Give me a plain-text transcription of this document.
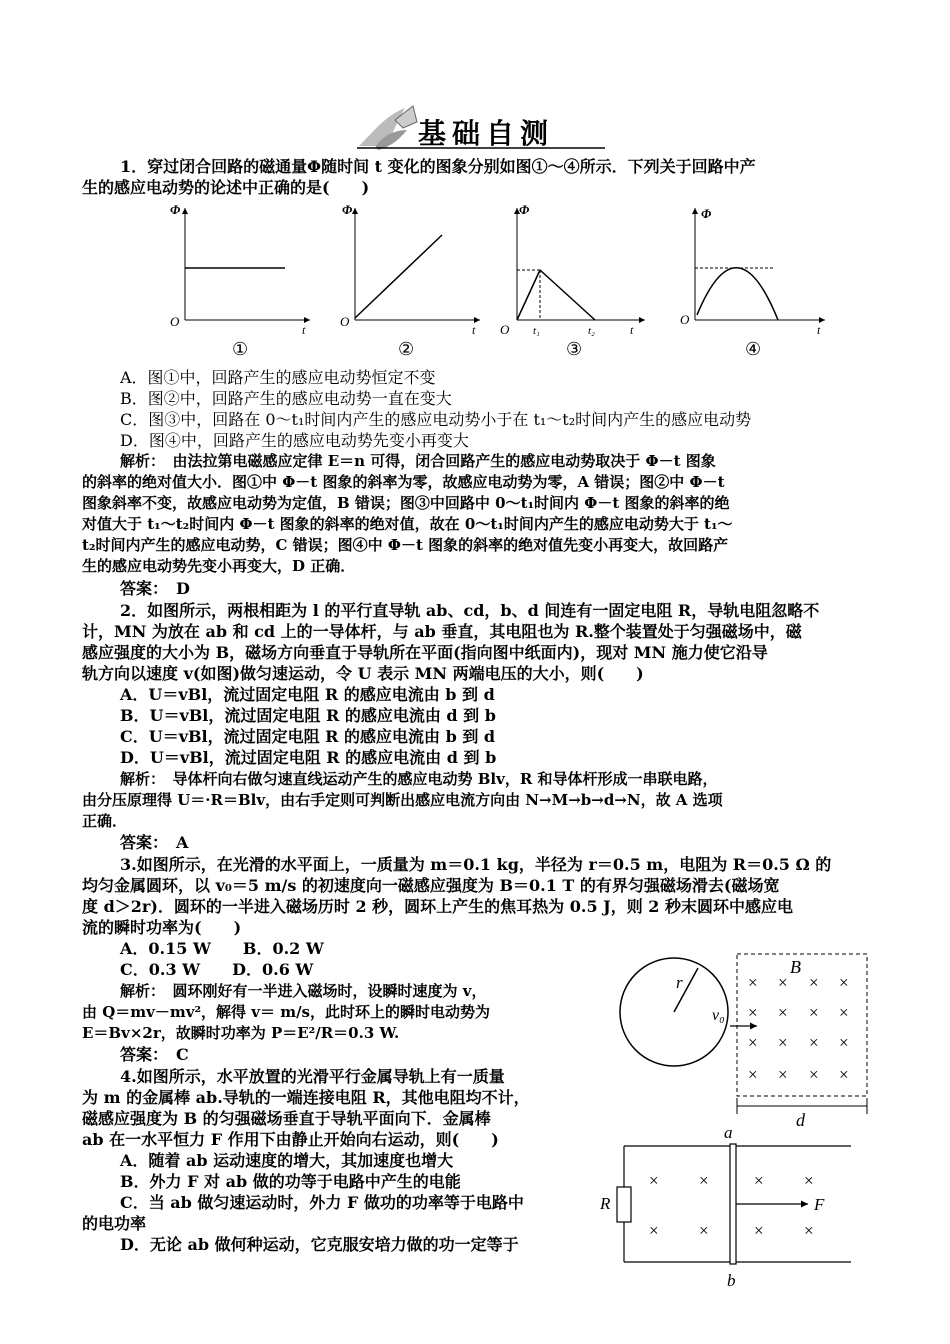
基础自测
1．穿过闭合回路的磁通量Φ随时间 t 变化的图象分别如图①～④所示．下列关于回路中产
生的感应电动势的论述中正确的是(　　)
Φ
O
t
①
Φ
O
t
②
Φ
O t₁	t₂	t
③
Φ
O
t
④
A．图①中，回路产生的感应电动势恒定不变
B．图②中，回路产生的感应电动势一直在变大
C．图③中，回路在 0～t₁时间内产生的感应电动势小于在 t₁～t₂时间内产生的感应电动势
D．图④中，回路产生的感应电动势先变小再变大
解析：　由法拉第电磁感应定律 E＝n 可得，闭合回路产生的感应电动势取决于 Φ－t 图象
的斜率的绝对值大小．图①中 Φ－t 图象的斜率为零，故感应电动势为零，A 错误；图②中 Φ－t
图象斜率不变，故感应电动势为定值，B 错误；图③中回路中 0～t₁时间内 Φ－t 图象的斜率的绝
对值大于 t₁～t₂时间内 Φ－t 图象的斜率的绝对值，故在 0～t₁时间内产生的感应电动势大于 t₁～
t₂时间内产生的感应电动势，C 错误；图④中 Φ－t 图象的斜率的绝对值先变小再变大，故回路产
生的感应电动势先变小再变大，D 正确．
答案：　D
2．如图所示，两根相距为 l 的平行直导轨 ab、cd，b、d 间连有一固定电阻 R，导轨电阻忽略不
计，MN 为放在 ab 和 cd 上的一导体杆，与 ab 垂直，其电阻也为 R.整个装置处于匀强磁场中，磁
感应强度的大小为 B，磁场方向垂直于导轨所在平面(指向图中纸面内)，现对 MN 施力使它沿导
轨方向以速度 v(如图)做匀速运动，令 U 表示 MN 两端电压的大小，则(　　)
A．U＝vBl，流过固定电阻 R 的感应电流由 b 到 d
B．U＝vBl，流过固定电阻 R 的感应电流由 d 到 b
C．U＝vBl，流过固定电阻 R 的感应电流由 b 到 d
D．U＝vBl，流过固定电阻 R 的感应电流由 d 到 b
解析：　导体杆向右做匀速直线运动产生的感应电动势 Blv，R 和导体杆形成一串联电路，
由分压原理得 U＝·R＝Blv，由右手定则可判断出感应电流方向由 N→M→b→d→N，故 A 选项
正确．
答案：　A
3.如图所示，在光滑的水平面上，一质量为 m＝0.1 kg，半径为 r＝0.5 m，电阻为 R＝0.5 Ω 的
均匀金属圆环，以 v₀＝5 m/s 的初速度向一磁感应强度为 B＝0.1 T 的有界匀强磁场滑去(磁场宽
度 d＞2r)．圆环的一半进入磁场历时 2 秒，圆环上产生的焦耳热为 0.5 J，则 2 秒末圆环中感应电
流的瞬时功率为(　　)
A．0.15 W　　B．0.2 W
C．0.3 W　　D．0.6 W
解析：　圆环刚好有一半进入磁场时，设瞬时速度为 v，
由 Q＝mv－mv²，解得 v＝ m/s，此时环上的瞬时电动势为
E＝Bv×2r，故瞬时功率为 P＝E²/R＝0.3 W.
答案：　C
r
v₀
B
× × × ×
× × × ×
× × × ×
× × × ×
d
4.如图所示，水平放置的光滑平行金属导轨上有一质量
为 m 的金属棒 ab.导轨的一端连接电阻 R，其他电阻均不计，
磁感应强度为 B 的匀强磁场垂直于导轨平面向下．金属棒
ab 在一水平恒力 F 作用下由静止开始向右运动，则(　　)
A．随着 ab 运动速度的增大，其加速度也增大
B．外力 F 对 ab 做的功等于电路中产生的电能
C．当 ab 做匀速运动时，外力 F 做功的功率等于电路中
的电功率
D．无论 ab 做何种运动，它克服安培力做的功一定等于
a
R	F
× ×	× ×
× ×	× ×
b
